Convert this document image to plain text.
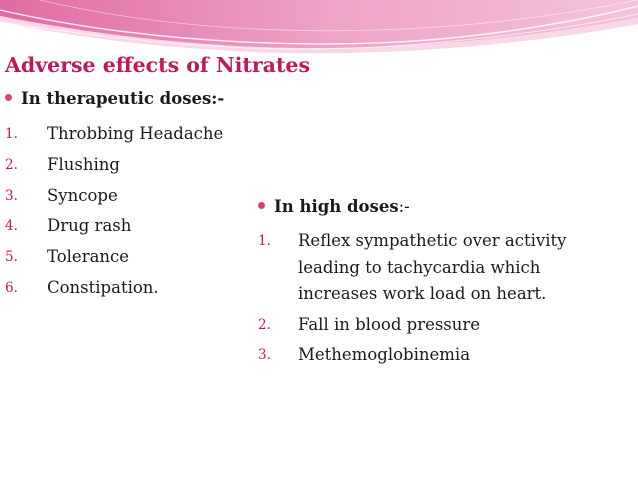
Adverse effects of Nitrates
In therapeutic doses:-
1.	Throbbing Headache
2.	Flushing
3.	Syncope
4.	Drug rash
5.	Tolerance
6.	Constipation.
In high doses:-
1.	Reflex sympathetic over activity leading to tachycardia which increases work load on heart.
2.	Fall in blood pressure
3.	Methemoglobinemia
